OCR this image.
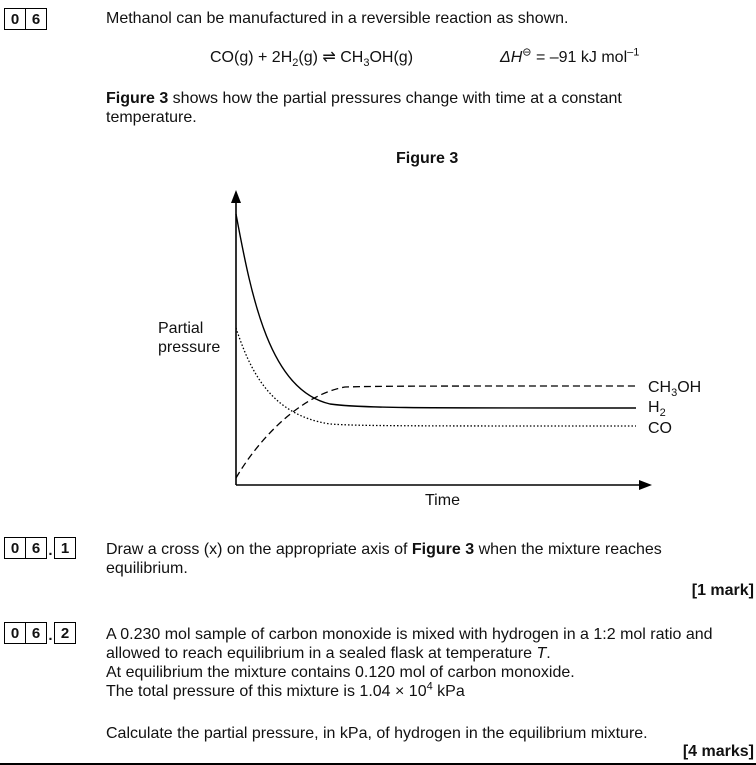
0 6	Methanol can be manufactured in a reversible reaction as shown.
$CO(g) + 2H_2(g)$ ⇌ $CH_3OH(g)$	ΔH⊖ = –91 kJ mol$^{-1}$
Figure 3 shows how the partial pressures change with time at a constant temperature.
Figure 3
$CH_3OH$
$H_2$
CO
Partial
pressure
Time
0 6 . 1	Draw a cross (x) on the appropriate axis of Figure 3 when the mixture reaches equilibrium.
[1 mark]
0 6 . 2	A 0.230 mol sample of carbon monoxide is mixed with hydrogen in a 1:2 mol ratio and
allowed to reach equilibrium in a sealed flask at temperature T.
At equilibrium the mixture contains 0.120 mol of carbon monoxide.
The total pressure of this mixture is $1.04 \times 10^4$ kPa
Calculate the partial pressure, in kPa, of hydrogen in the equilibrium mixture.
[4 marks]
